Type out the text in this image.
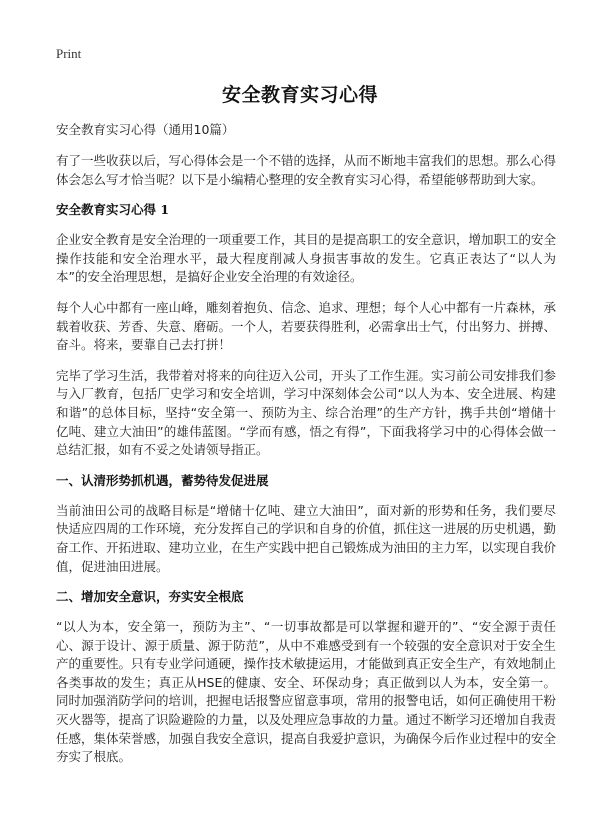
Print
安全教育实习心得
安全教育实习心得（通用10篇）

有了一些收获以后，写心得体会是一个不错的选择，从而不断地丰富我们的思想。那么心得体会怎么写才恰当呢？以下是小编精心整理的安全教育实习心得，希望能够帮助到大家。

安全教育实习心得 1

企业安全教育是安全治理的一项重要工作，其目的是提高职工的安全意识，增加职工的安全操作技能和安全治理水平，最大程度削减人身损害事故的发生。它真正表达了“以人为本”的安全治理思想，是搞好企业安全治理的有效途径。

每个人心中都有一座山峰，雕刻着抱负、信念、追求、理想；每个人心中都有一片森林，承载着收获、芳香、失意、磨砺。一个人，若要获得胜利，必需拿出士气，付出努力、拼搏、奋斗。将来，要靠自己去打拼！

完毕了学习生活，我带着对将来的向往迈入公司，开头了工作生涯。实习前公司安排我们参与入厂教育，包括厂史学习和安全培训，学习中深刻体会公司“以人为本、安全进展、构建和谐”的总体目标，坚持“安全第一、预防为主、综合治理”的生产方针，携手共创“增储十亿吨、建立大油田”的雄伟蓝图。“学而有感，悟之有得”，下面我将学习中的心得体会做一总结汇报，如有不妥之处请领导指正。

一、认清形势抓机遇，蓄势待发促进展

当前油田公司的战略目标是“增储十亿吨、建立大油田”，面对新的形势和任务，我们要尽快适应四周的工作环境，充分发挥自己的学识和自身的价值，抓住这一进展的历史机遇，勤奋工作、开拓进取、建功立业，在生产实践中把自己锻炼成为油田的主力军，以实现自我价值，促进油田进展。

二、增加安全意识，夯实安全根底

“以人为本，安全第一，预防为主”、“一切事故都是可以掌握和避开的”、“安全源于责任心、源于设计、源于质量、源于防范”，从中不难感受到有一个较强的安全意识对于安全生产的重要性。只有专业学问通硬，操作技术敏捷运用，才能做到真正安全生产，有效地制止各类事故的发生；真正从HSE的健康、安全、环保动身；真正做到以人为本，安全第一。同时加强消防学问的培训，把握电话报警应留意事项，常用的报警电话，如何正确使用干粉灭火器等，提高了识险避险的力量，以及处理应急事故的力量。通过不断学习还增加自我责任感，集体荣誉感，加强自我安全意识，提高自我爱护意识，为确保今后作业过程中的安全夯实了根底。
